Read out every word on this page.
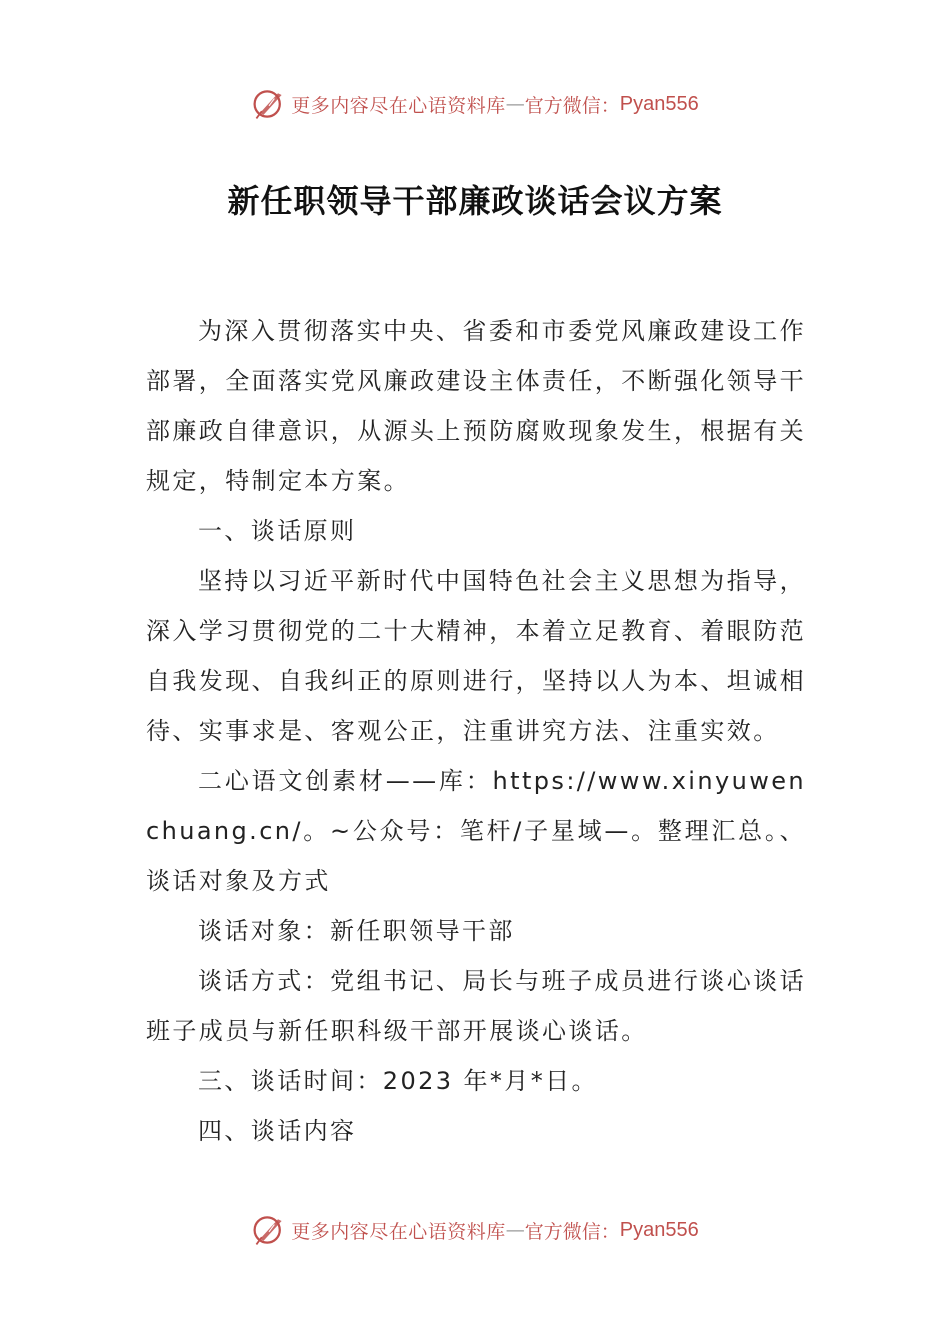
更多内容尽在心语资料库 — 官方微信： Pyan556
新任职领导干部廉政谈话会议方案

为深入贯彻落实中央、省委和市委党风廉政建设工作部署，全面落实党风廉政建设主体责任，不断强化领导干部廉政自律意识，从源头上预防腐败现象发生，根据有关规定，特制定本方案。

一、谈话原则

坚持以习近平新时代中国特色社会主义思想为指导，深入学习贯彻党的二十大精神，本着立足教育、着眼防范自我发现、自我纠正的原则进行，坚持以人为本、坦诚相待、实事求是、客观公正，注重讲究方法、注重实效。

二心语文创素材——库：https://www.xinyuwenchuang.cn/。~公众号：笔杆/子星域—。整理汇总。、谈话对象及方式

谈话对象：新任职领导干部

谈话方式：党组书记、局长与班子成员进行谈心谈话班子成员与新任职科级干部开展谈心谈话。

三、谈话时间：2023 年*月*日。

四、谈话内容

更多内容尽在心语资料库 — 官方微信： Pyan556
